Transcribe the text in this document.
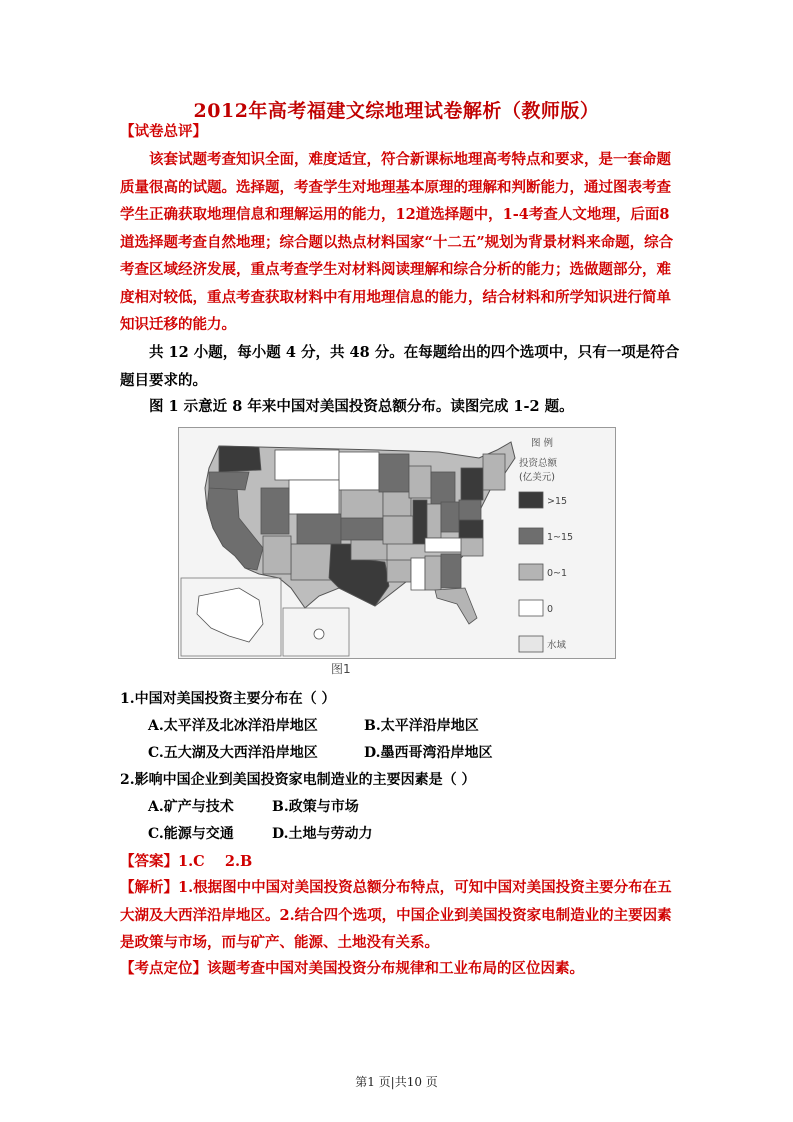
2012年高考福建文综地理试卷解析（教师版）
【试卷总评】
该套试题考查知识全面，难度适宜，符合新课标地理高考特点和要求，是一套命题质量很高的试题。选择题，考查学生对地理基本原理的理解和判断能力，通过图表考查学生正确获取地理信息和理解运用的能力，12道选择题中，1-4考查人文地理，后面8道选择题考查自然地理；综合题以热点材料国家“十二五”规划为背景材料来命题，综合考查区域经济发展，重点考查学生对材料阅读理解和综合分析的能力；选做题部分，难度相对较低，重点考查获取材料中有用地理信息的能力，结合材料和所学知识进行简单知识迁移的能力。
共 12 小题，每小题 4 分，共 48 分。在每题给出的四个选项中，只有一项是符合题目要求的。
图 1 示意近 8 年来中国对美国投资总额分布。读图完成 1-2 题。
图 例
投资总额
(亿美元)
>15
1~15
0~1
0
水域
图1
1.中国对美国投资主要分布在（ ）
A.太平洋及北冰洋沿岸地区	B.太平洋沿岸地区
C.五大湖及大西洋沿岸地区	D.墨西哥湾沿岸地区
2.影响中国企业到美国投资家电制造业的主要因素是（ ）
A.矿产与技术	B.政策与市场
C.能源与交通	D.土地与劳动力
【答案】1.C    2.B
【解析】1.根据图中中国对美国投资总额分布特点，可知中国对美国投资主要分布在五大湖及大西洋沿岸地区。2.结合四个选项，中国企业到美国投资家电制造业的主要因素是政策与市场，而与矿产、能源、土地没有关系。
【考点定位】该题考查中国对美国投资分布规律和工业布局的区位因素。
第1 页|共10 页
